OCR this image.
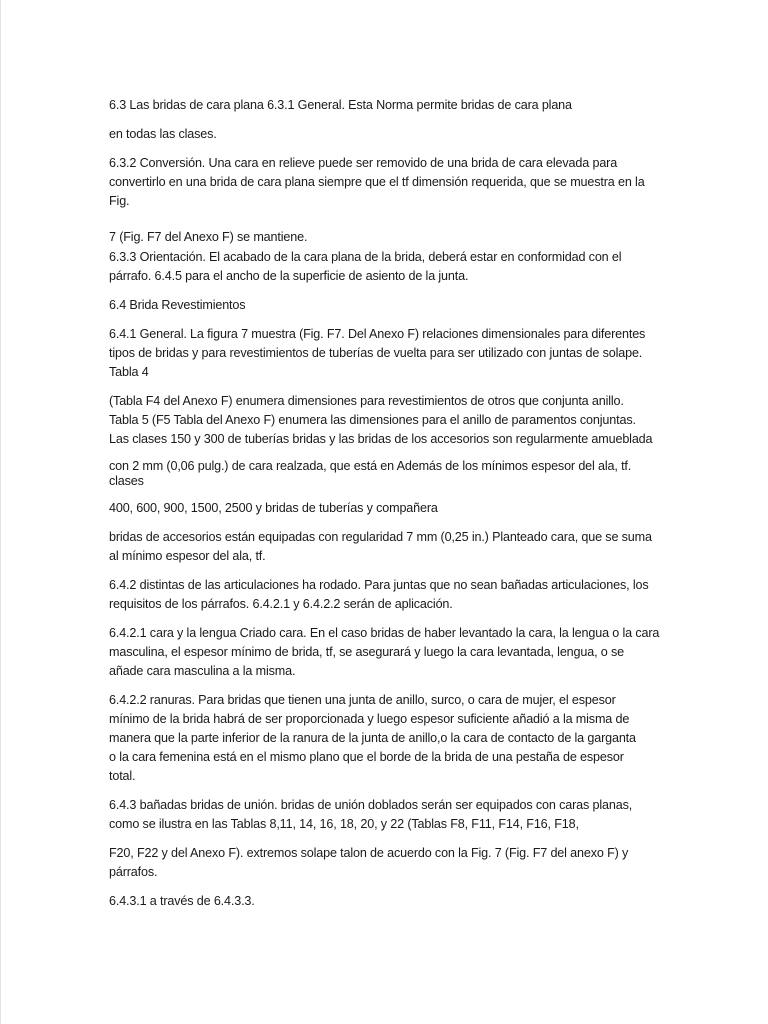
6.3 Las bridas de cara plana 6.3.1 General. Esta Norma permite bridas de cara plana

en todas las clases.

6.3.2 Conversión. Una cara en relieve puede ser removido de una brida de cara elevada para
convertirlo en una brida de cara plana siempre que el tf dimensión requerida, que se muestra en la
Fig.

7 (Fig. F7 del Anexo F) se mantiene.

6.3.3 Orientación. El acabado de la cara plana de la brida, deberá estar en conformidad con el
párrafo. 6.4.5 para el ancho de la superficie de asiento de la junta.

6.4 Brida Revestimientos

6.4.1 General. La figura 7 muestra (Fig. F7. Del Anexo F) relaciones dimensionales para diferentes
tipos de bridas y para revestimientos de tuberías de vuelta para ser utilizado con juntas de solape.
Tabla 4

(Tabla F4 del Anexo F) enumera dimensiones para revestimientos de otros que conjunta anillo.
Tabla 5 (F5 Tabla del Anexo F) enumera las dimensiones para el anillo de paramentos conjuntas.
Las clases 150 y 300 de tuberías bridas y las bridas de los accesorios son regularmente amueblada

con 2 mm (0,06 pulg.) de cara realzada, que está en Además de los mínimos espesor del ala, tf.
clases

400, 600, 900, 1500, 2500 y bridas de tuberías y compañera

bridas de accesorios están equipadas con regularidad 7 mm (0,25 in.) Planteado cara, que se suma
al mínimo espesor del ala, tf.

6.4.2 distintas de las articulaciones ha rodado. Para juntas que no sean bañadas articulaciones, los
requisitos de los párrafos. 6.4.2.1 y 6.4.2.2 serán de aplicación.

6.4.2.1 cara y la lengua Criado cara. En el caso bridas de haber levantado la cara, la lengua o la cara
masculina, el espesor mínimo de brida, tf, se asegurará y luego la cara levantada, lengua, o se
añade cara masculina a la misma.

6.4.2.2 ranuras. Para bridas que tienen una junta de anillo, surco, o cara de mujer, el espesor
mínimo de la brida habrá de ser proporcionada y luego espesor suficiente añadió a la misma de
manera que la parte inferior de la ranura de la junta de anillo,o la cara de contacto de la garganta
o la cara femenina está en el mismo plano que el borde de la brida de una pestaña de espesor
total.

6.4.3 bañadas bridas de unión. bridas de unión doblados serán ser equipados con caras planas,
como se ilustra en las Tablas 8,11, 14, 16, 18, 20, y 22 (Tablas F8, F11, F14, F16, F18,

F20, F22 y del Anexo F). extremos solape talon de acuerdo con la Fig. 7 (Fig. F7 del anexo F) y
párrafos.

6.4.3.1 a través de 6.4.3.3.
